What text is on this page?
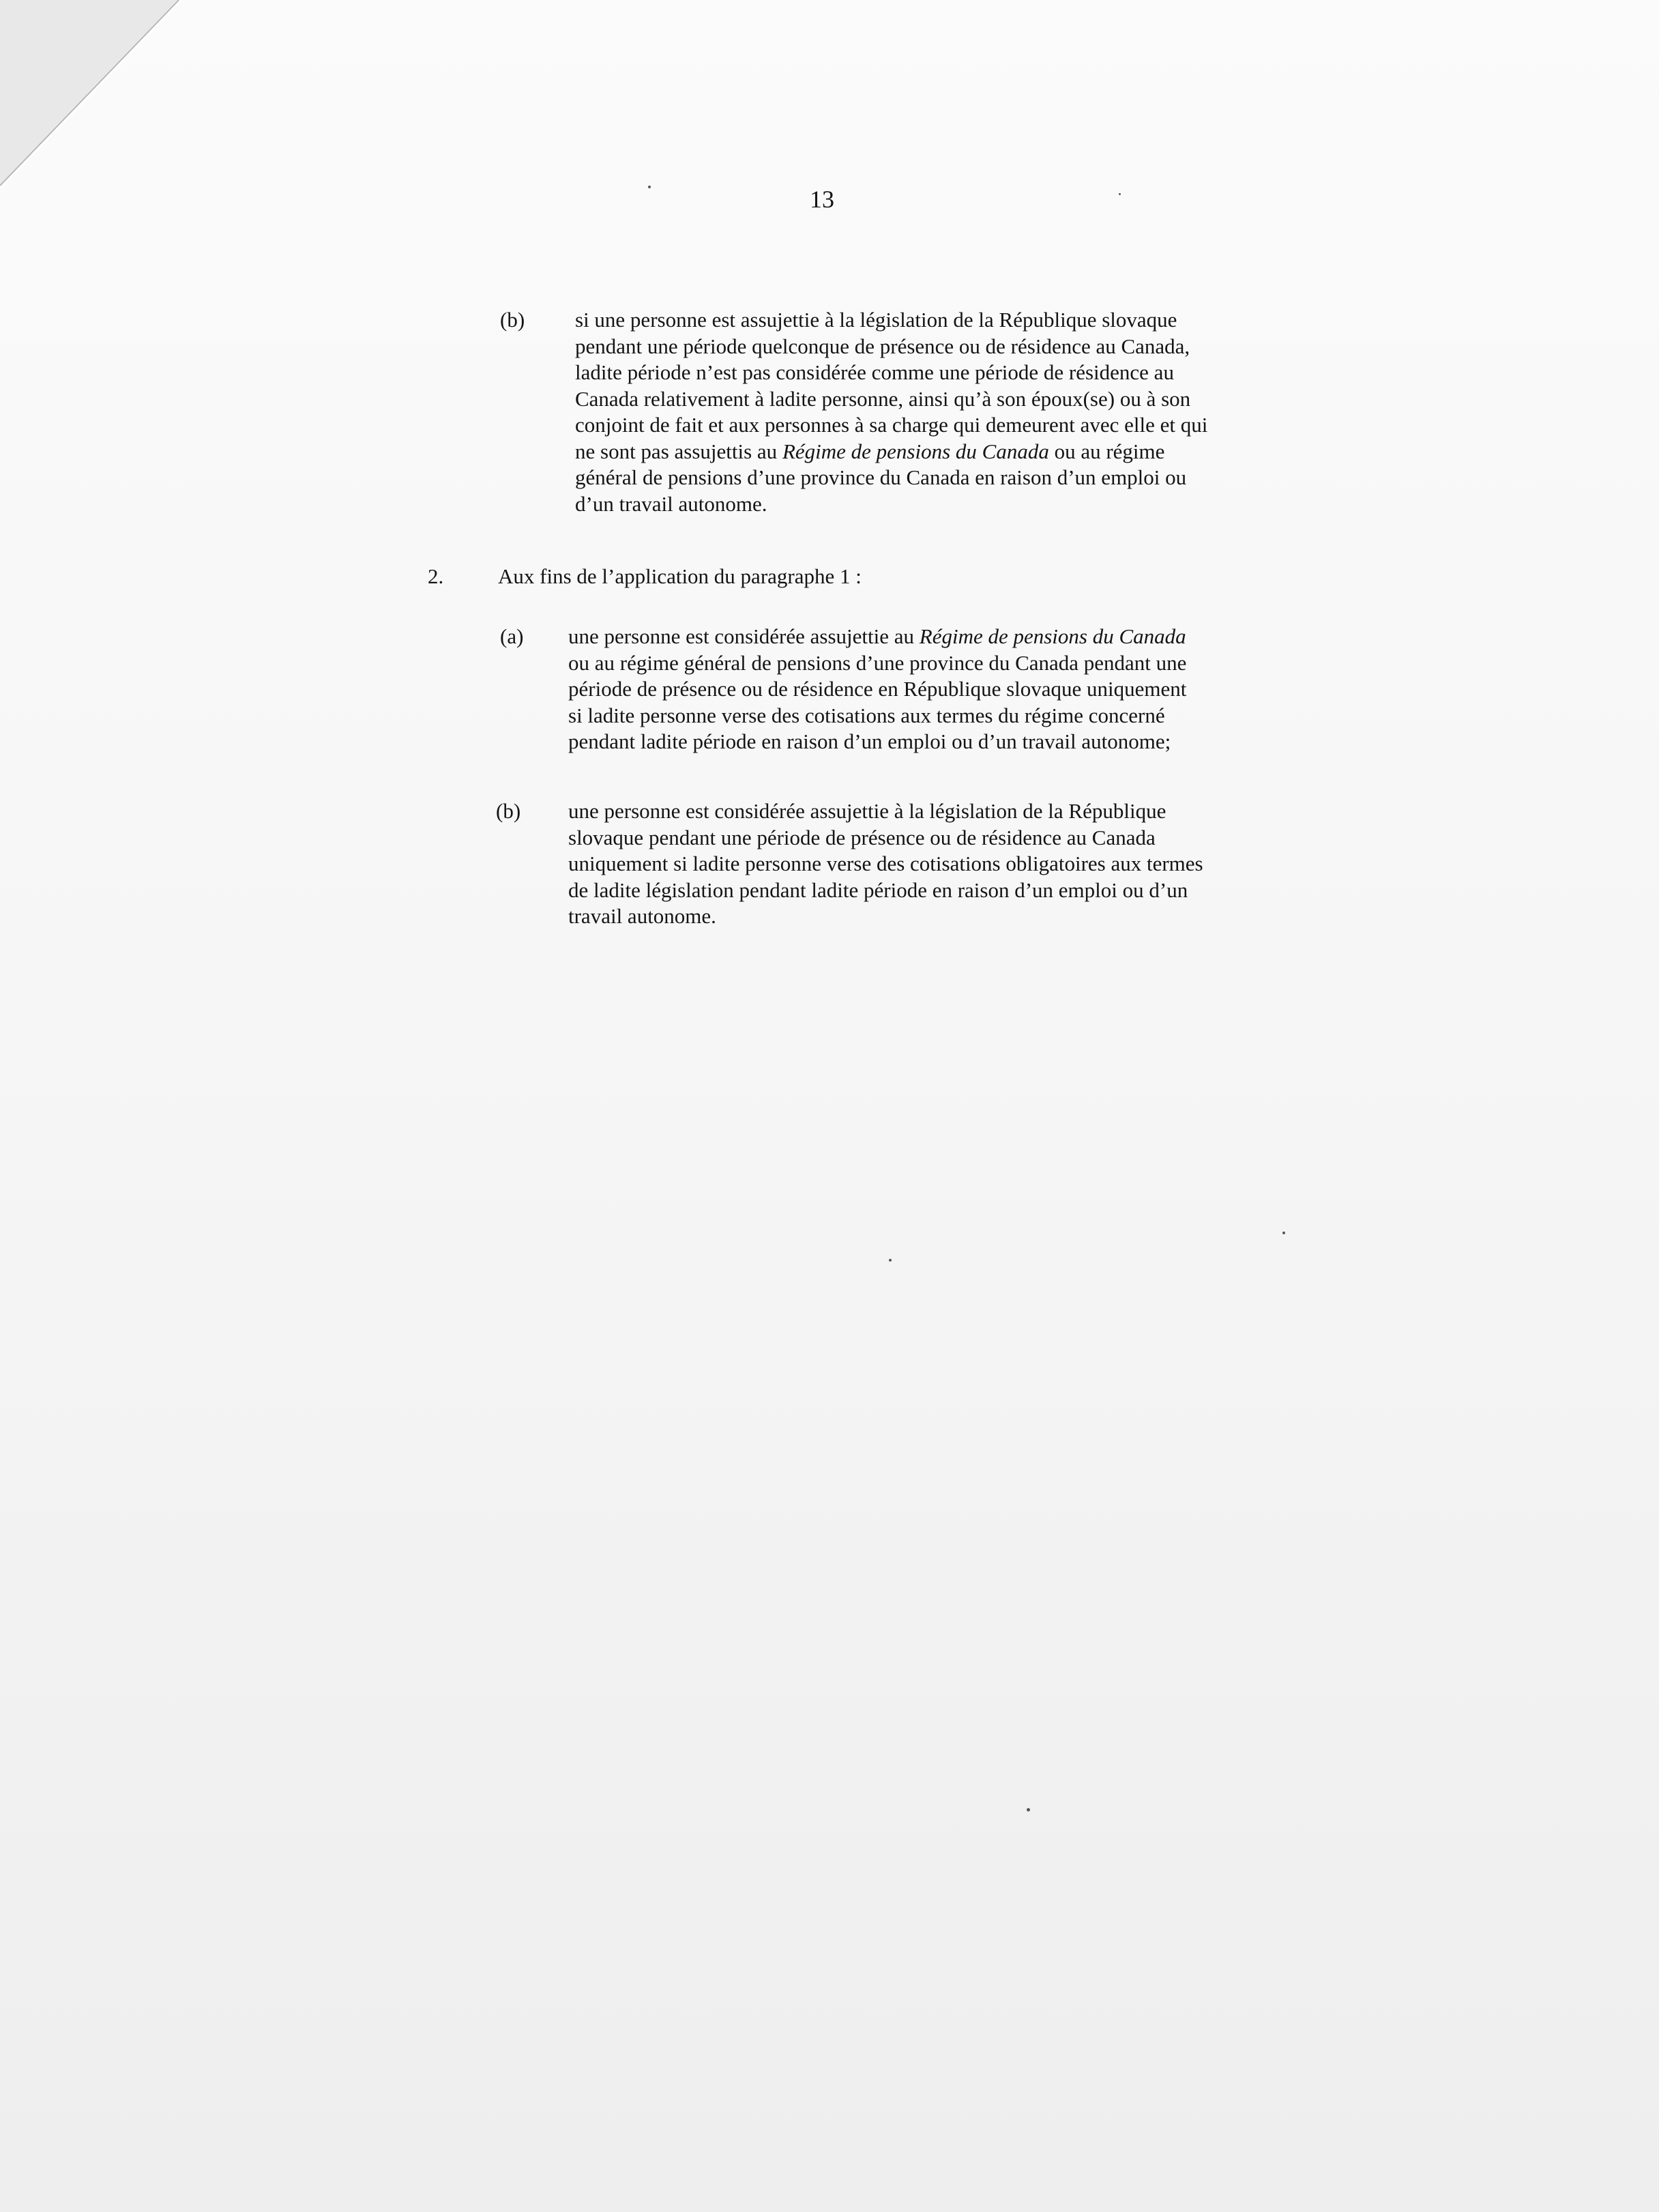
13
(b) si une personne est assujettie à la législation de la République slovaque
pendant une période quelconque de présence ou de résidence au Canada,
ladite période n’est pas considérée comme une période de résidence au
Canada relativement à ladite personne, ainsi qu’à son époux(se) ou à son
conjoint de fait et aux personnes à sa charge qui demeurent avec elle et qui
ne sont pas assujettis au Régime de pensions du Canada ou au régime
général de pensions d’une province du Canada en raison d’un emploi ou
d’un travail autonome.
2.	Aux fins de l’application du paragraphe 1 :
(a) une personne est considérée assujettie au Régime de pensions du Canada
ou au régime général de pensions d’une province du Canada pendant une
période de présence ou de résidence en République slovaque uniquement
si ladite personne verse des cotisations aux termes du régime concerné
pendant ladite période en raison d’un emploi ou d’un travail autonome;
(b) une personne est considérée assujettie à la législation de la République
slovaque pendant une période de présence ou de résidence au Canada
uniquement si ladite personne verse des cotisations obligatoires aux termes
de ladite législation pendant ladite période en raison d’un emploi ou d’un
travail autonome.
